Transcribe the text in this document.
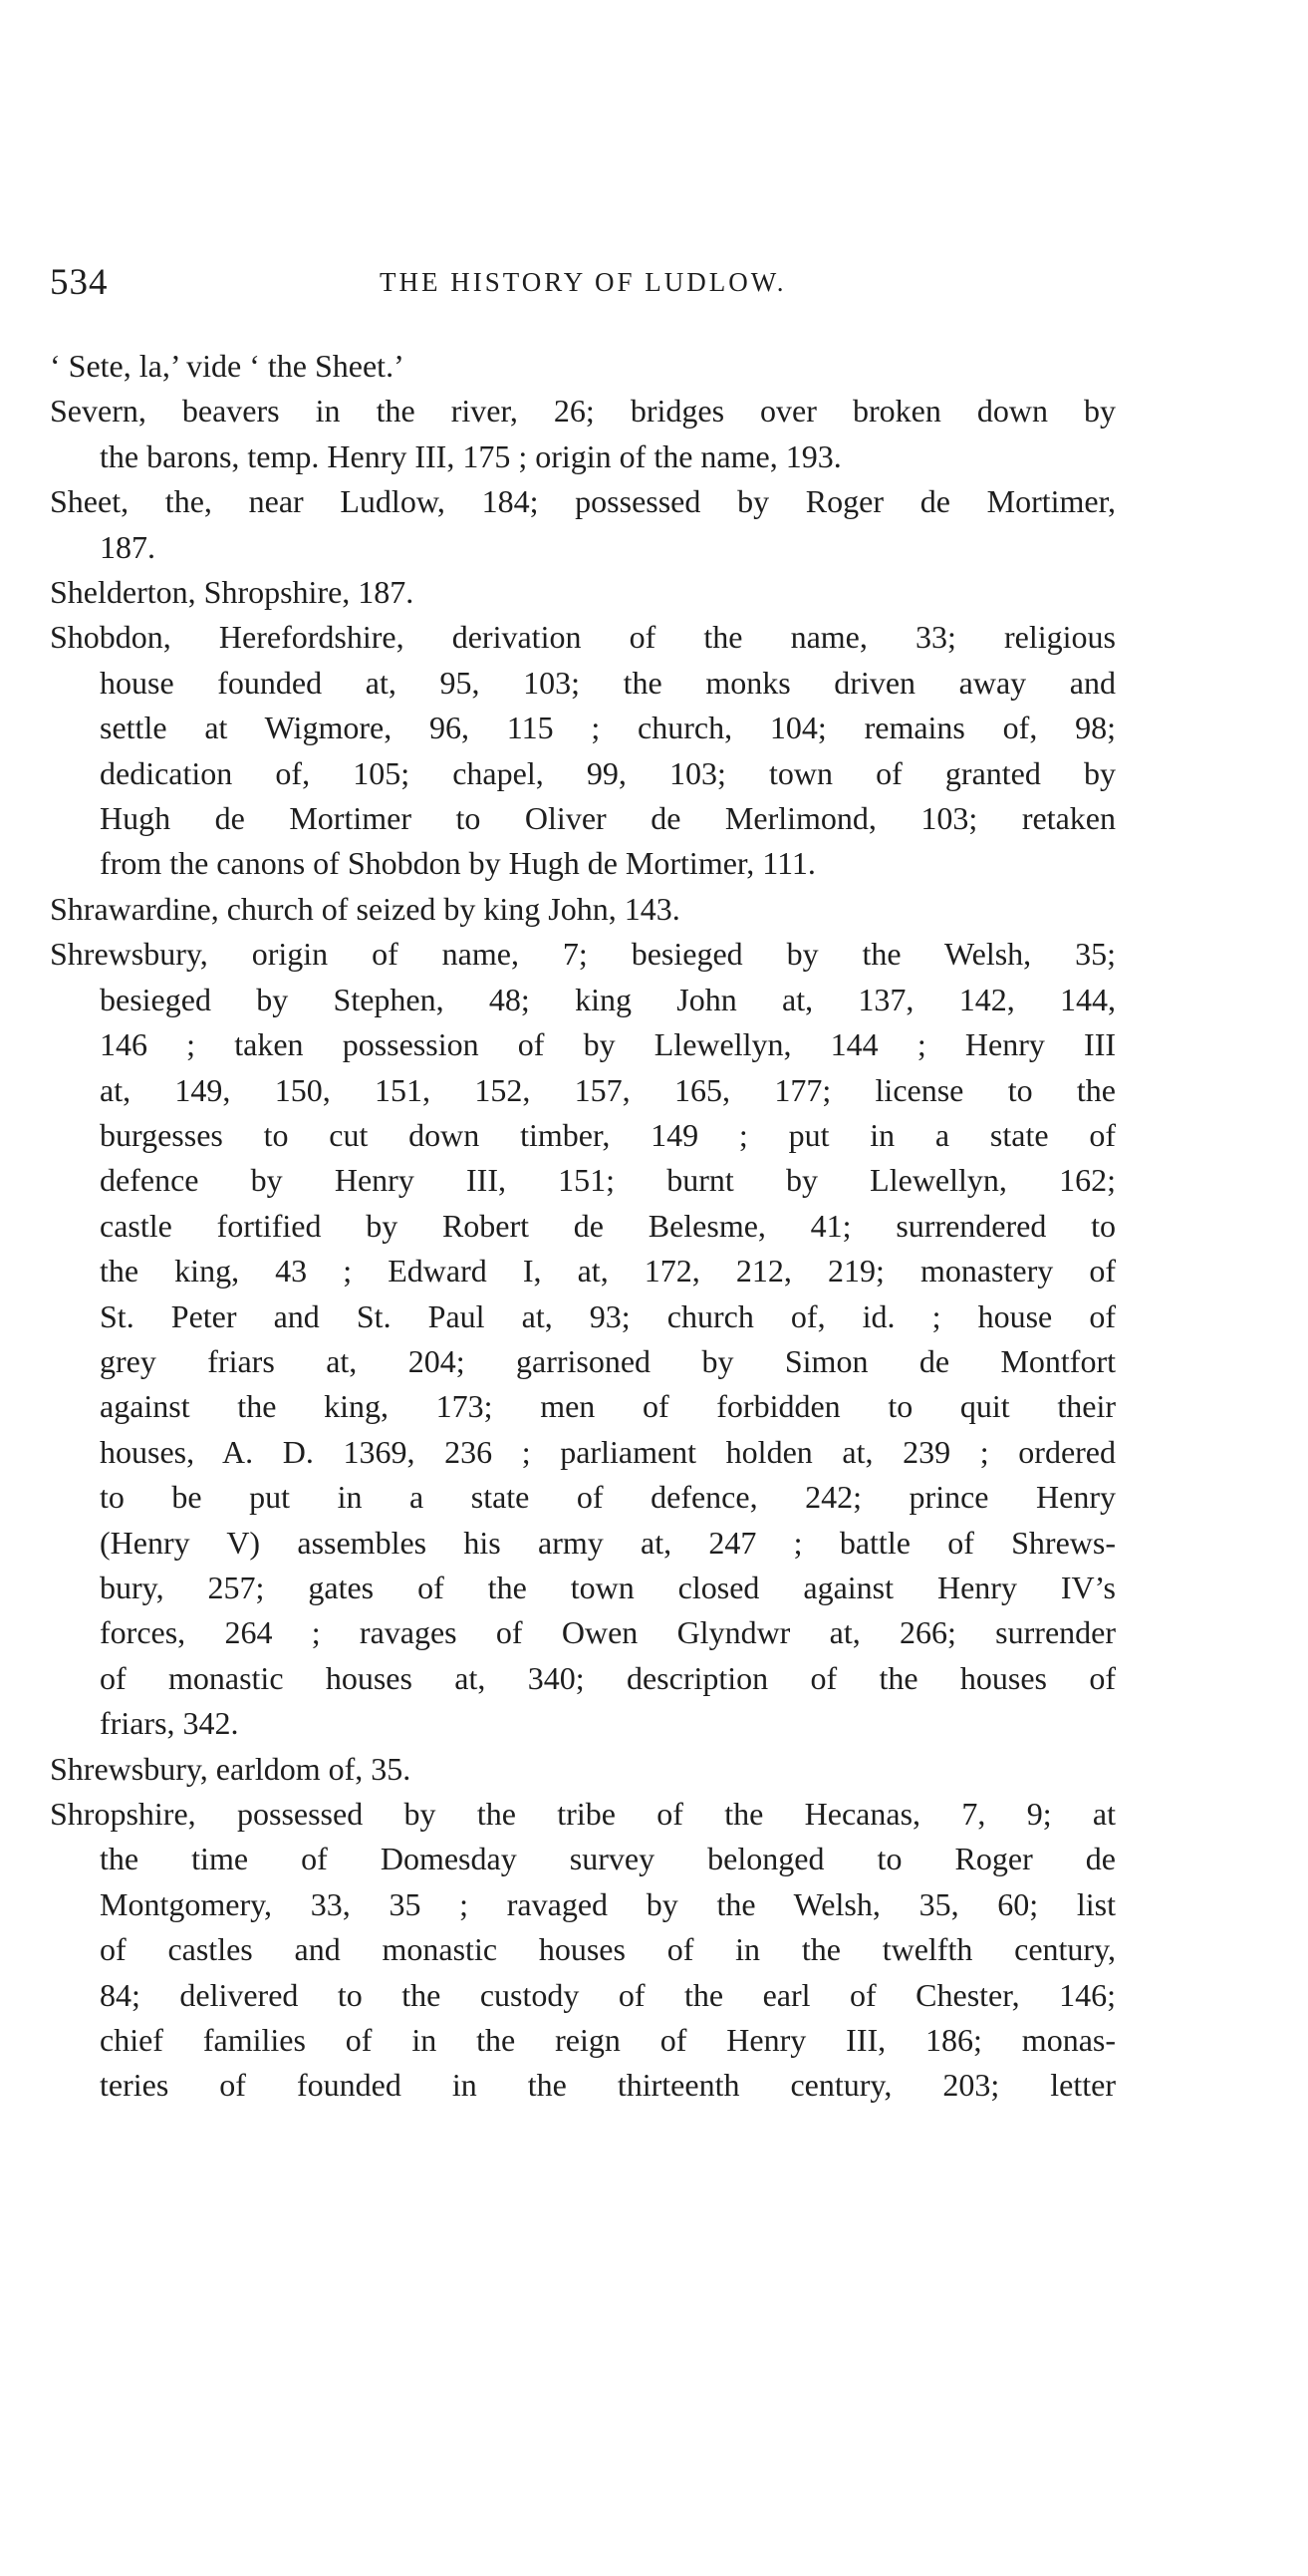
534	THE HISTORY OF LUDLOW.
‘ Sete, la,’ vide ‘ the Sheet.’
Severn, beavers in the river, 26; bridges over broken down by
the barons, temp. Henry III, 175 ; origin of the name, 193.
Sheet, the, near Ludlow, 184; possessed by Roger de Mortimer,
187.
Shelderton, Shropshire, 187.
Shobdon, Herefordshire, derivation of the name, 33; religious
house founded at, 95, 103; the monks driven away and
settle at Wigmore, 96, 115 ; church, 104; remains of, 98;
dedication of, 105; chapel, 99, 103; town of granted by
Hugh de Mortimer to Oliver de Merlimond, 103; retaken
from the canons of Shobdon by Hugh de Mortimer, 111.
Shrawardine, church of seized by king John, 143.
Shrewsbury, origin of name, 7; besieged by the Welsh, 35;
besieged by Stephen, 48; king John at, 137, 142, 144,
146 ; taken possession of by Llewellyn, 144 ; Henry III
at, 149, 150, 151, 152, 157, 165, 177; license to the
burgesses to cut down timber, 149 ; put in a state of
defence by Henry III, 151; burnt by Llewellyn, 162;
castle fortified by Robert de Belesme, 41; surrendered to
the king, 43 ; Edward I, at, 172, 212, 219; monastery of
St. Peter and St. Paul at, 93; church of, id. ; house of
grey friars at, 204; garrisoned by Simon de Montfort
against the king, 173; men of forbidden to quit their
houses, A. D. 1369, 236 ; parliament holden at, 239 ; ordered
to be put in a state of defence, 242; prince Henry
(Henry V) assembles his army at, 247 ; battle of Shrews-
bury, 257; gates of the town closed against Henry IV’s
forces, 264 ; ravages of Owen Glyndwr at, 266; surrender
of monastic houses at, 340; description of the houses of
friars, 342.
Shrewsbury, earldom of, 35.
Shropshire, possessed by the tribe of the Hecanas, 7, 9; at
the time of Domesday survey belonged to Roger de
Montgomery, 33, 35 ; ravaged by the Welsh, 35, 60; list
of castles and monastic houses of in the twelfth century,
84; delivered to the custody of the earl of Chester, 146;
chief families of in the reign of Henry III, 186; monas-
teries of founded in the thirteenth century, 203; letter
